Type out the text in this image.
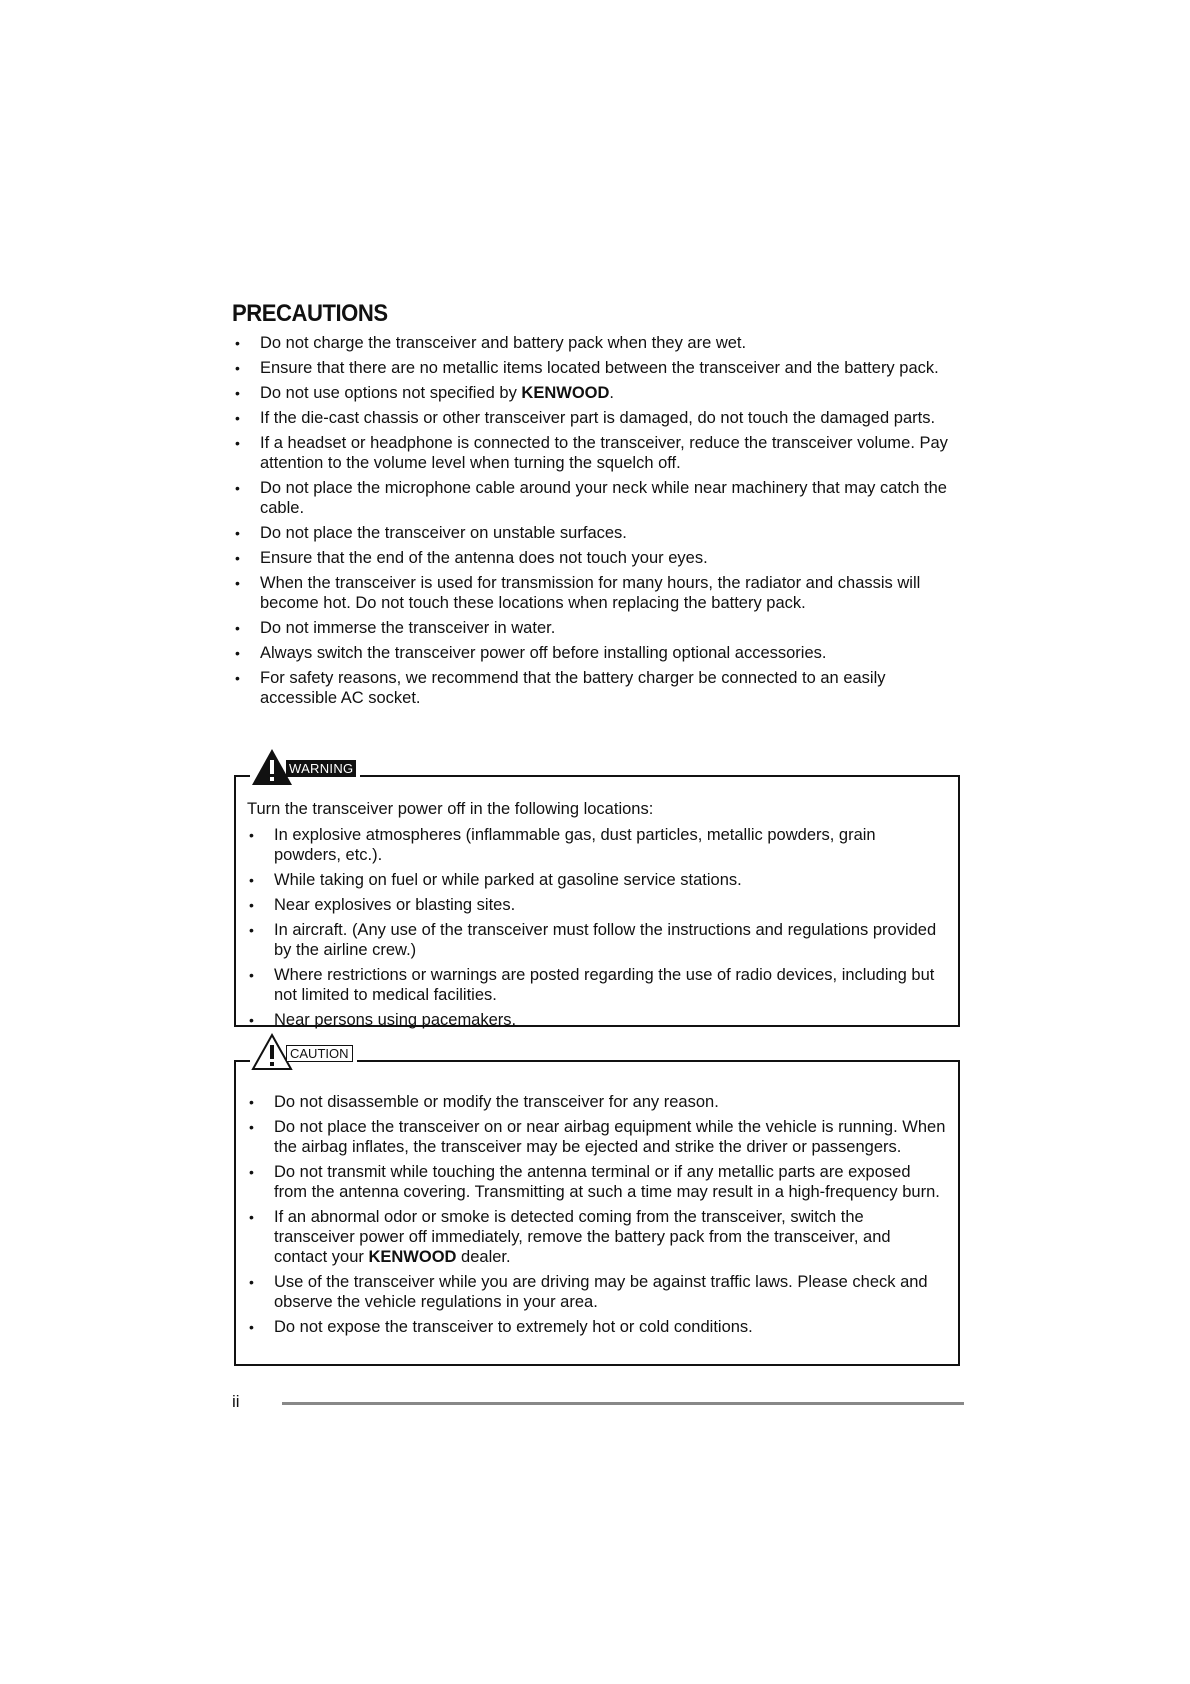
PRECAUTIONS
• Do not charge the transceiver and battery pack when they are wet.
• Ensure that there are no metallic items located between the transceiver and the battery pack.
• Do not use options not specified by KENWOOD.
• If the die-cast chassis or other transceiver part is damaged, do not touch the damaged parts.
• If a headset or headphone is connected to the transceiver, reduce the transceiver volume. Pay attention to the volume level when turning the squelch off.
• Do not place the microphone cable around your neck while near machinery that may catch the cable.
• Do not place the transceiver on unstable surfaces.
• Ensure that the end of the antenna does not touch your eyes.
• When the transceiver is used for transmission for many hours, the radiator and chassis will become hot. Do not touch these locations when replacing the battery pack.
• Do not immerse the transceiver in water.
• Always switch the transceiver power off before installing optional accessories.
• For safety reasons, we recommend that the battery charger be connected to an easily accessible AC socket.
WARNING
Turn the transceiver power off in the following locations:
• In explosive atmospheres (inflammable gas, dust particles, metallic powders, grain powders, etc.).
• While taking on fuel or while parked at gasoline service stations.
• Near explosives or blasting sites.
• In aircraft. (Any use of the transceiver must follow the instructions and regulations provided by the airline crew.)
• Where restrictions or warnings are posted regarding the use of radio devices, including but not limited to medical facilities.
• Near persons using pacemakers.
CAUTION
• Do not disassemble or modify the transceiver for any reason.
• Do not place the transceiver on or near airbag equipment while the vehicle is running. When the airbag inflates, the transceiver may be ejected and strike the driver or passengers.
• Do not transmit while touching the antenna terminal or if any metallic parts are exposed from the antenna covering. Transmitting at such a time may result in a high-frequency burn.
• If an abnormal odor or smoke is detected coming from the transceiver, switch the transceiver power off immediately, remove the battery pack from the transceiver, and contact your KENWOOD dealer.
• Use of the transceiver while you are driving may be against traffic laws. Please check and observe the vehicle regulations in your area.
• Do not expose the transceiver to extremely hot or cold conditions.
ii
